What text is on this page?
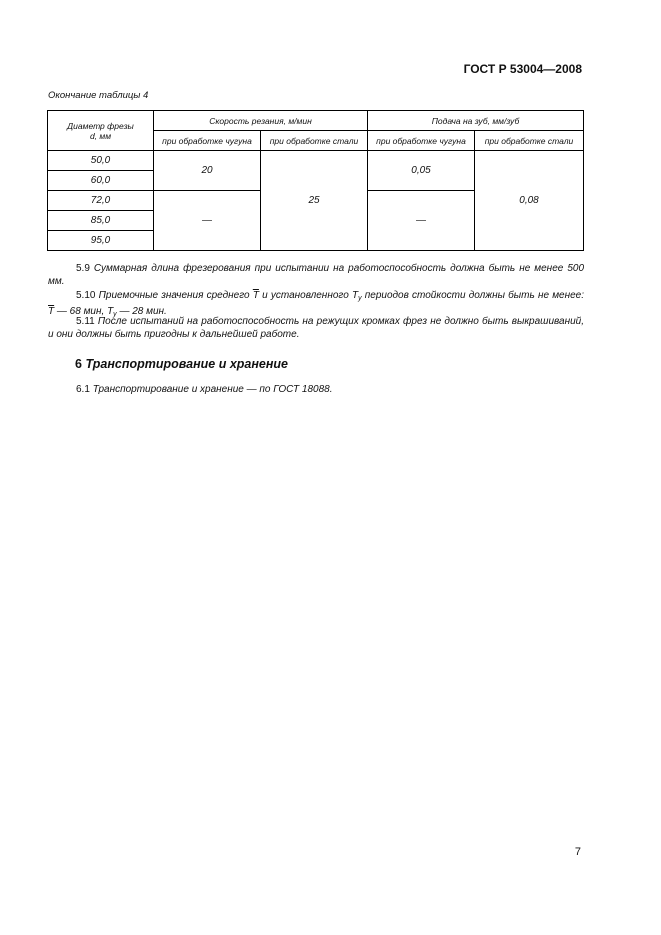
ГОСТ Р 53004—2008
Окончание таблицы 4
Диаметр фрезы d, мм	Скорость резания, м/мин		Подача на зуб, мм/зуб	
	при обработке чугуна	при обработке стали	при обработке чугуна	при обработке стали
50,0	20	25	0,05	0,08
60,0				
72,0	—		—	
85,0				
95,0				
5.9 Суммарная длина фрезерования при испытании на работоспособность должна быть не менее 500 мм.
5.10 Приемочные значения среднего $\overline{T}$ и установленного $T_y$ периодов стойкости должны быть не менее: $\overline{T}$ — 68 мин, $T_y$ — 28 мин.
5.11 После испытаний на работоспособность на режущих кромках фрез не должно быть выкрашиваний, и они должны быть пригодны к дальнейшей работе.
6 Транспортирование и хранение
6.1 Транспортирование и хранение — по ГОСТ 18088.
7
